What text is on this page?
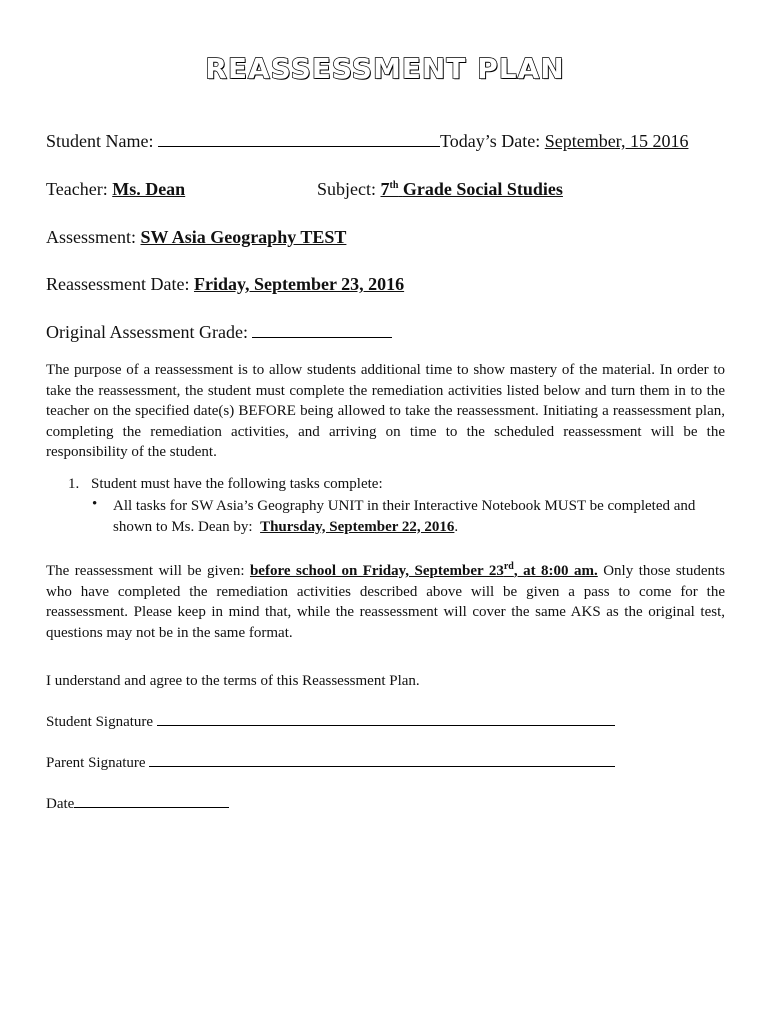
REASSESSMENT PLAN
Student Name:	Today’s Date: September, 15 2016
Teacher: Ms. Dean	Subject: 7th Grade Social Studies
Assessment: SW Asia Geography TEST
Reassessment Date: Friday, September 23, 2016
Original Assessment Grade:
The purpose of a reassessment is to allow students additional time to show mastery of the material. In order to take the reassessment, the student must complete the remediation activities listed below and turn them in to the teacher on the specified date(s) BEFORE being allowed to take the reassessment. Initiating a reassessment plan, completing the remediation activities, and arriving on time to the scheduled reassessment will be the responsibility of the student.
1. Student must have the following tasks complete:
• All tasks for SW Asia’s Geography UNIT in their Interactive Notebook MUST be completed and shown to Ms. Dean by: Thursday, September 22, 2016.
The reassessment will be given: before school on Friday, September 23rd, at 8:00 am. Only those students who have completed the remediation activities described above will be given a pass to come for the reassessment. Please keep in mind that, while the reassessment will cover the same AKS as the original test, questions may not be in the same format.
I understand and agree to the terms of this Reassessment Plan.
Student Signature
Parent Signature
Date
